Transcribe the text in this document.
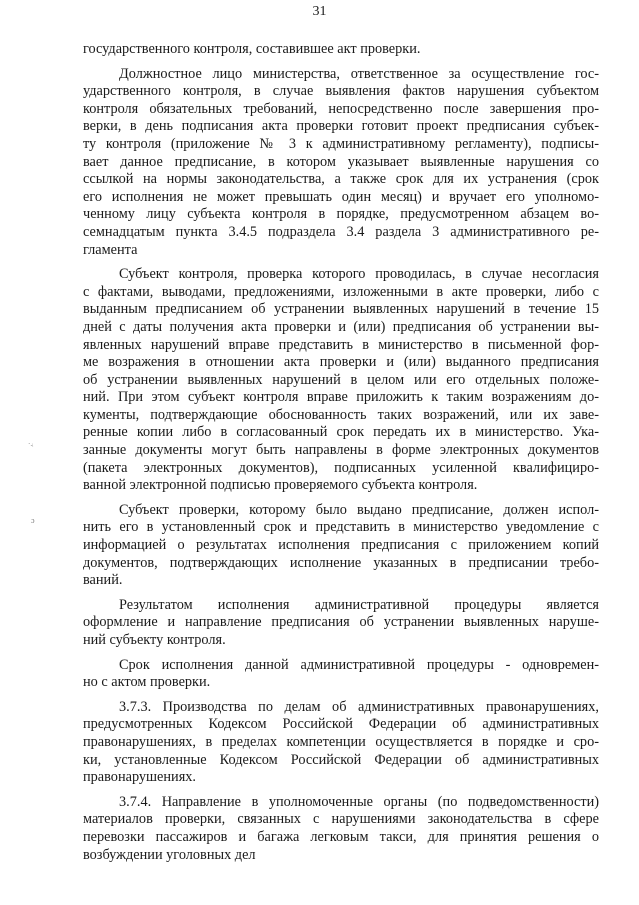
31
·.ᵢ
ɔ
государственного контроля, составившее акт проверки.
Должностное лицо министерства, ответственное за осуществление гос-
ударственного контроля, в случае выявления фактов нарушения субъектом
контроля обязательных требований, непосредственно после завершения про-
верки, в день подписания акта проверки готовит проект предписания субъек-
ту контроля (приложение № 3 к административному регламенту), подписы-
вает данное предписание, в котором указывает выявленные нарушения со
ссылкой на нормы законодательства, а также срок для их устранения (срок
его исполнения не может превышать один месяц) и вручает его уполномо-
ченному лицу субъекта контроля в порядке, предусмотренном абзацем во-
семнадцатым пункта 3.4.5 подраздела 3.4 раздела 3 административного ре-
гламента
Субъект контроля, проверка которого проводилась, в случае несогласия
с фактами, выводами, предложениями, изложенными в акте проверки, либо с
выданным предписанием об устранении выявленных нарушений в течение 15
дней с даты получения акта проверки и (или) предписания об устранении вы-
явленных нарушений вправе представить в министерство в письменной фор-
ме возражения в отношении акта проверки и (или) выданного предписания
об устранении выявленных нарушений в целом или его отдельных положе-
ний. При этом субъект контроля вправе приложить к таким возражениям до-
кументы, подтверждающие обоснованность таких возражений, или их заве-
ренные копии либо в согласованный срок передать их в министерство. Ука-
занные документы могут быть направлены в форме электронных документов
(пакета электронных документов), подписанных усиленной квалифициро-
ванной электронной подписью проверяемого субъекта контроля.
Субъект проверки, которому было выдано предписание, должен испол-
нить его в установленный срок и представить в министерство уведомление с
информацией о результатах исполнения предписания с приложением копий
документов, подтверждающих исполнение указанных в предписании требо-
ваний.
Результатом исполнения административной процедуры является
оформление и направление предписания об устранении выявленных наруше-
ний субъекту контроля.
Срок исполнения данной административной процедуры - одновремен-
но с актом проверки.
3.7.3. Производства по делам об административных правонарушениях,
предусмотренных Кодексом Российской Федерации об административных
правонарушениях, в пределах компетенции осуществляется в порядке и сро-
ки, установленные Кодексом Российской Федерации об административных
правонарушениях.
3.7.4. Направление в уполномоченные органы (по подведомственности)
материалов проверки, связанных с нарушениями законодательства в сфере
перевозки пассажиров и багажа легковым такси, для принятия решения о
возбуждении уголовных дел
